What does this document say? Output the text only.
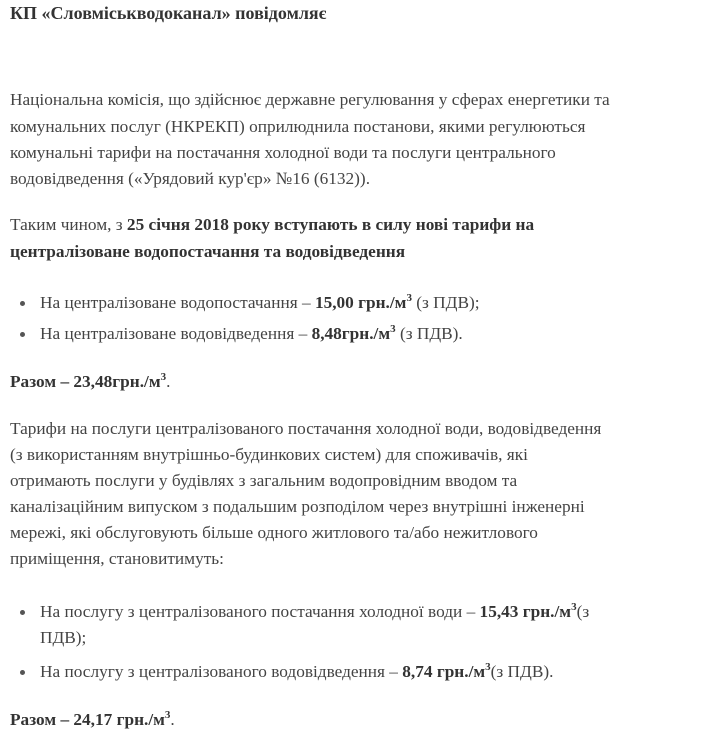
КП «Словміськводоканал» повідомляє

Національна комісія, що здійснює державне регулювання у сферах енергетики та

комунальних послуг (НКРЕКП) оприлюднила постанови, якими регулюються

комунальні тарифи на постачання холодної води та послуги центрального

водовідведення («Урядовий кур'єр» №16 (6132)).

Таким чином, з 25 січня 2018 року вступають в силу нові тарифи на

централізоване водопостачання та водовідведення

На централізоване водопостачання – 15,00 $грн./м^3$ (з ПДВ);
На централізоване водовідведення – $8,48грн./м^3$ (з ПДВ).

Разом – $23,48грн./м^3$.

Тарифи на послуги централізованого постачання холодної води, водовідведення

(з використанням внутрішньо-будинкових систем) для споживачів, які

отримають послуги у будівлях з загальним водопровідним вводом та

каналізаційним випуском з подальшим розподілом через внутрішні інженерні

мережі, які обслуговують більше одного житлового та/або нежитлового

приміщення, становитимуть:

На послугу з централізованого постачання холодної води – 15,43 $грн./м^3(з$
ПДВ);
На послугу з централізованого водовідведення – 8,74 $грн./м^3(з$ ПДВ).

Разом – 24,17 $грн./м^3$.
